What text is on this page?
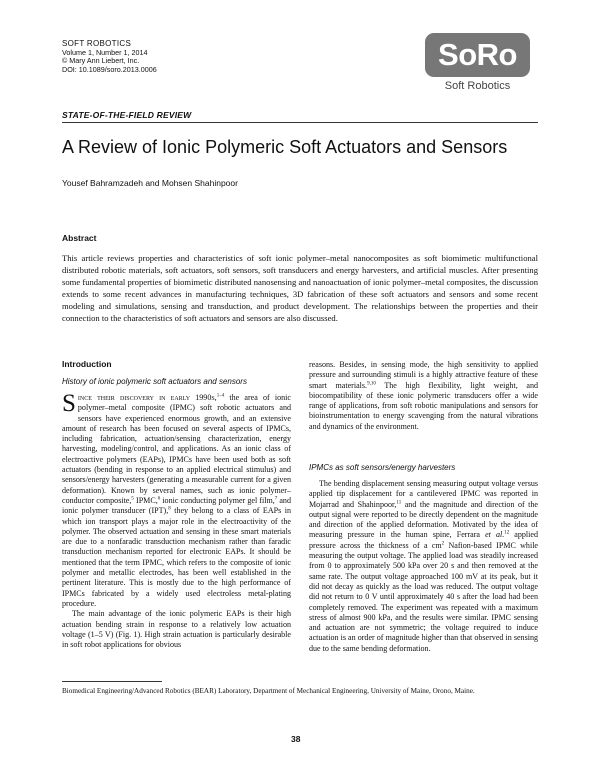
SOFT ROBOTICS
Volume 1, Number 1, 2014
© Mary Ann Liebert, Inc.
DOI: 10.1089/soro.2013.0006	SoRo
Soft Robotics
STATE-OF-THE-FIELD REVIEW
A Review of Ionic Polymeric Soft Actuators and Sensors
Yousef Bahramzadeh and Mohsen Shahinpoor
Abstract

This article reviews properties and characteristics of soft ionic polymer–metal nanocomposites as soft biomimetic multifunctional distributed robotic materials, soft actuators, soft sensors, soft transducers and energy harvesters, and artificial muscles. After presenting some fundamental properties of biomimetic distributed nanosensing and nanoactuation of ionic polymer–metal composites, the discussion extends to some recent advances in manufacturing techniques, 3D fabrication of these soft actuators and sensors and some recent modeling and simulations, sensing and transduction, and product development. The relationships between the properties and their connection to the characteristics of soft actuators and sensors are also discussed.

Introduction
History of ionic polymeric soft actuators and sensors

Since their discovery in early 1990s,$^{1-4}$ the area of ionic polymer–metal composite (IPMC) soft robotic actuators and sensors have experienced enormous growth, and an extensive amount of research has been focused on several aspects of IPMCs, including fabrication, actuation/sensing characterization, energy harvesting, modeling/control, and applications. As an ionic class of electroactive polymers (EAPs), IPMCs have been used both as soft actuators (bending in response to an applied electrical stimulus) and sensors/energy harvesters (generating a measurable current for a given deformation). Known by several names, such as ionic polymer–conductor composite,$^5$ IPMC,$^6$ ionic conducting polymer gel film,$^7$ and ionic polymer transducer (IPT),$^8$ they belong to a class of EAPs in which ion transport plays a major role in the electroactivity of the polymer. The observed actuation and sensing in these smart materials are due to a nonfaradic transduction mechanism rather than faradic transduction mechanism reported for electronic EAPs. It should be mentioned that the term IPMC, which refers to the composite of ionic polymer and metallic electrodes, has been well established in the pertinent literature. This is mostly due to the high performance of IPMCs fabricated by a widely used electroless metal-plating procedure.

The main advantage of the ionic polymeric EAPs is their high actuation bending strain in response to a relatively low actuation voltage (1–5 V) (Fig. 1). High strain actuation is particularly desirable in soft robot applications for obvious

reasons. Besides, in sensing mode, the high sensitivity to applied pressure and surrounding stimuli is a highly attractive feature of these smart materials.$^{9,10}$ The high flexibility, light weight, and biocompatibility of these ionic polymeric transducers offer a wide range of applications, from soft robotic manipulations and sensors for bioinstrumentation to energy scavenging from the natural vibrations and dynamics of the environment.

IPMCs as soft sensors/energy harvesters

The bending displacement sensing measuring output voltage versus applied tip displacement for a cantilevered IPMC was reported in Mojarrad and Shahinpoor,$^{11}$ and the magnitude and direction of the output signal were reported to be directly dependent on the magnitude and direction of the applied deformation. Motivated by the idea of measuring pressure in the human spine, Ferrara et al.$^{12}$ applied pressure across the thickness of a $cm^2$ Nafion-based IPMC while measuring the output voltage. The applied load was steadily increased from 0 to approximately 500 kPa over 20 s and then removed at the same rate. The output voltage approached 100 mV at its peak, but it did not decay as quickly as the load was reduced. The output voltage did not return to 0 V until approximately 40 s after the load had been completely removed. The experiment was repeated with a maximum stress of almost 900 kPa, and the results were similar. IPMC sensing and actuation are not symmetric; the voltage required to induce actuation is an order of magnitude higher than that observed in sensing due to the same bending deformation.

Biomedical Engineering/Advanced Robotics (BEAR) Laboratory, Department of Mechanical Engineering, University of Maine, Orono, Maine.

38
